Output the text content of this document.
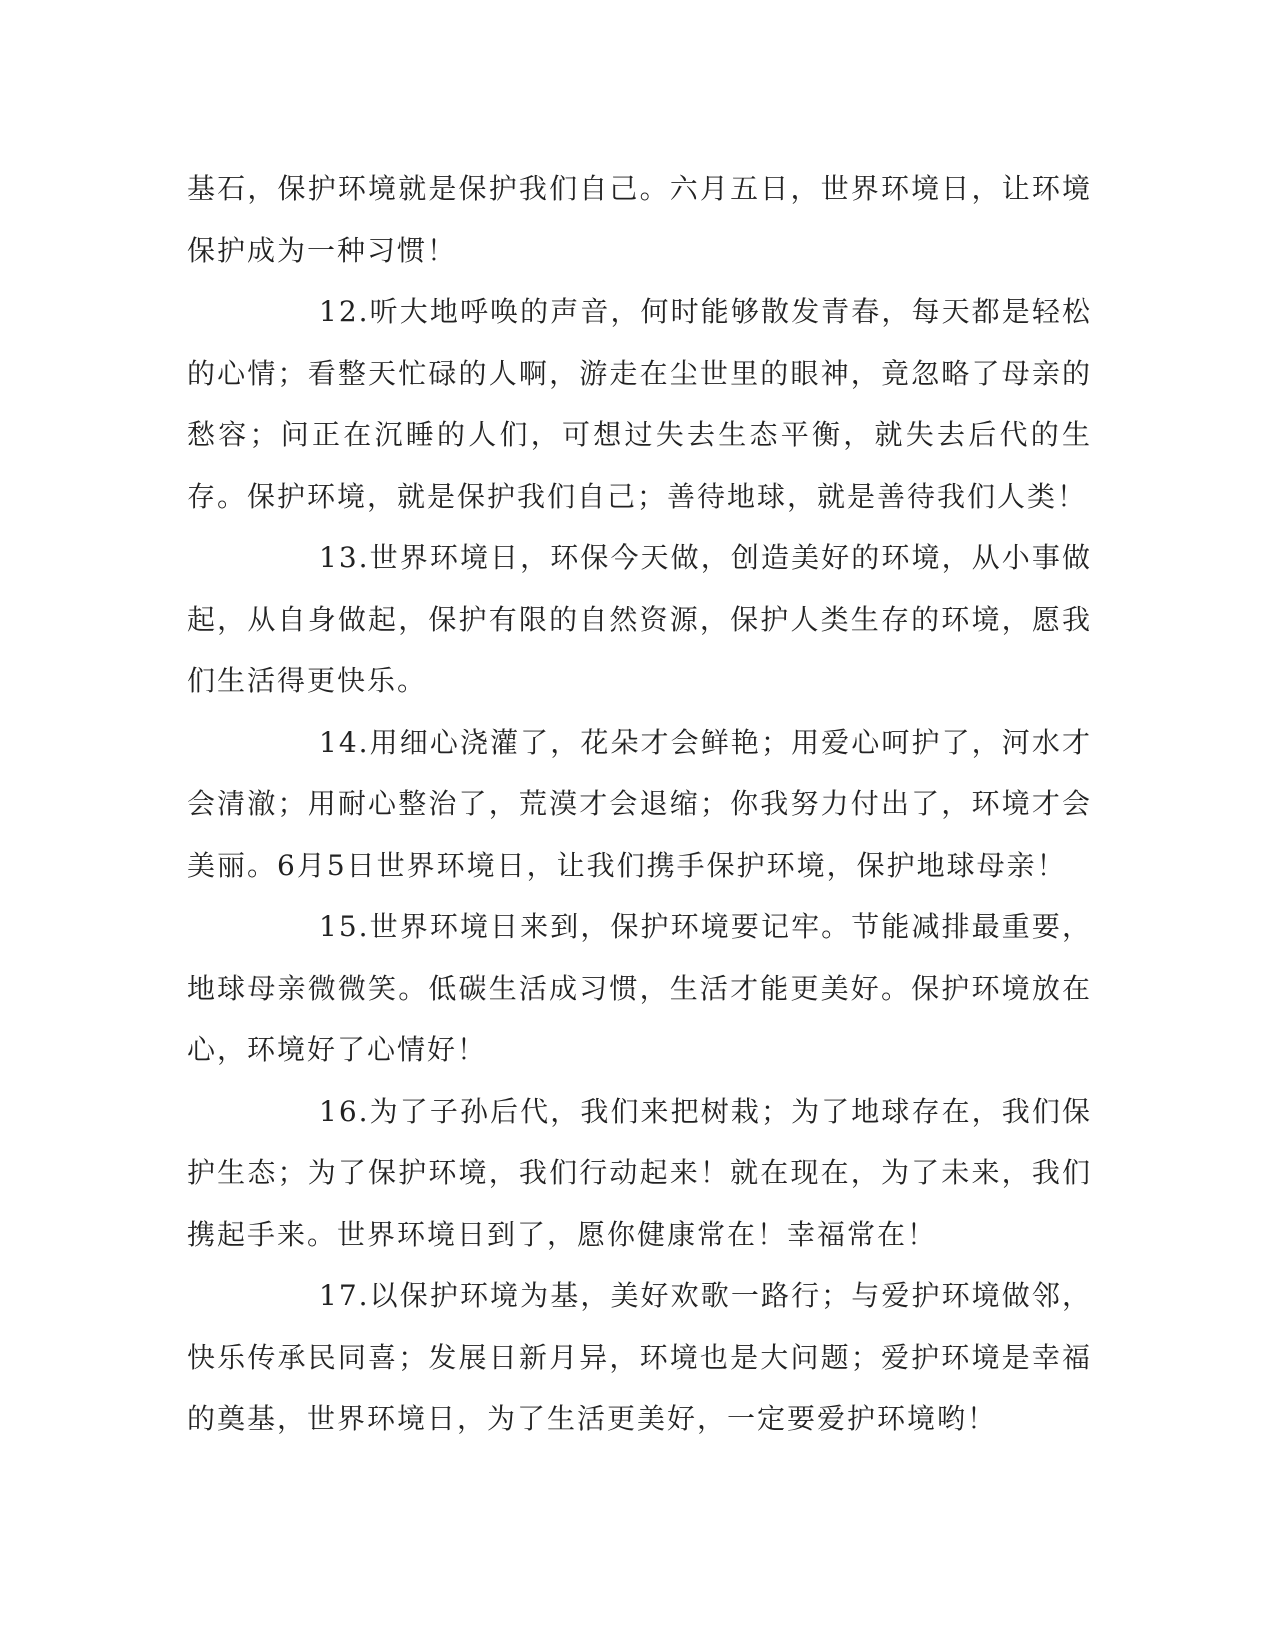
基石，保护环境就是保护我们自己。六月五日，世界环境日，让环境保护成为一种习惯！

12.听大地呼唤的声音，何时能够散发青春，每天都是轻松的心情；看整天忙碌的人啊，游走在尘世里的眼神，竟忽略了母亲的愁容；问正在沉睡的人们，可想过失去生态平衡，就失去后代的生存。保护环境，就是保护我们自己；善待地球，就是善待我们人类！

13.世界环境日，环保今天做，创造美好的环境，从小事做起，从自身做起，保护有限的自然资源，保护人类生存的环境，愿我们生活得更快乐。

14.用细心浇灌了，花朵才会鲜艳；用爱心呵护了，河水才会清澈；用耐心整治了，荒漠才会退缩；你我努力付出了，环境才会美丽。6月5日世界环境日，让我们携手保护环境，保护地球母亲！

15.世界环境日来到，保护环境要记牢。节能减排最重要，地球母亲微微笑。低碳生活成习惯，生活才能更美好。保护环境放在心，环境好了心情好！

16.为了子孙后代，我们来把树栽；为了地球存在，我们保护生态；为了保护环境，我们行动起来！就在现在，为了未来，我们携起手来。世界环境日到了，愿你健康常在！幸福常在！

17.以保护环境为基，美好欢歌一路行；与爱护环境做邻，快乐传承民同喜；发展日新月异，环境也是大问题；爱护环境是幸福的奠基，世界环境日，为了生活更美好，一定要爱护环境哟！
